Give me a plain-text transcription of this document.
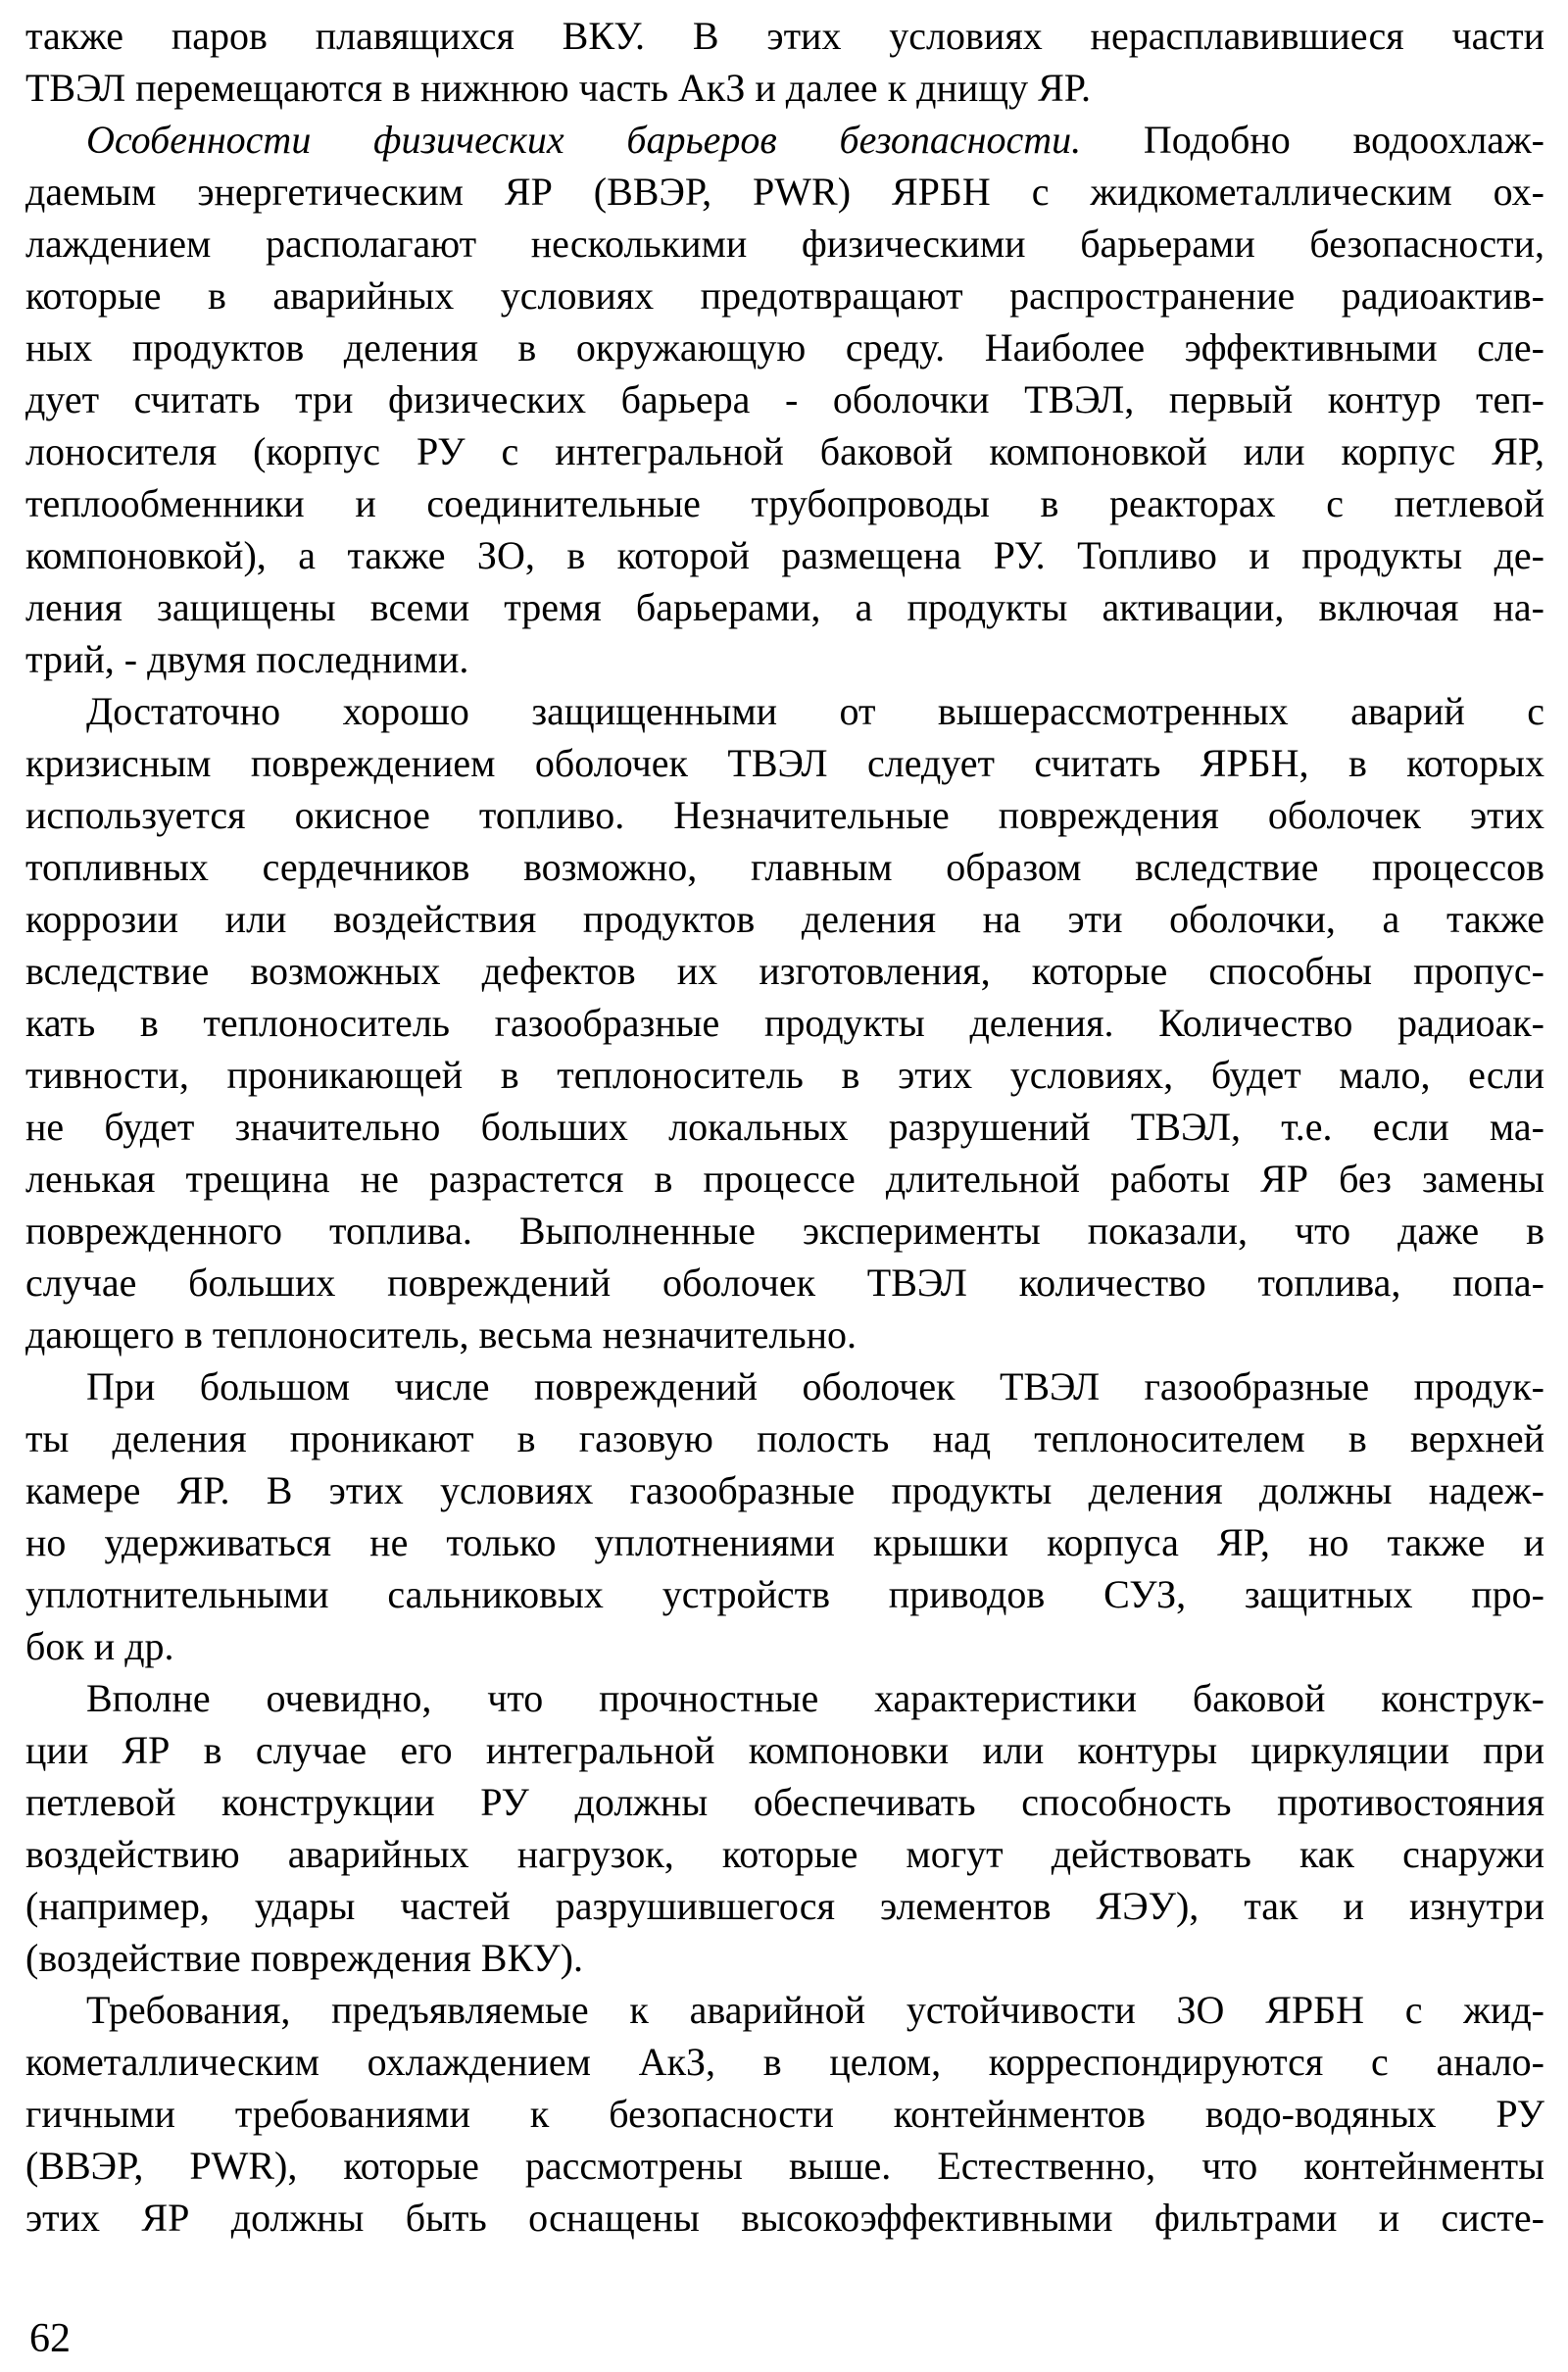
также паров плавящихся ВКУ. В этих условиях нерасплавившиеся части
ТВЭЛ перемещаются в нижнюю часть АкЗ и далее к днищу ЯР.
Особенности физических барьеров безопасности. Подобно водоохлаж-
даемым энергетическим ЯР (ВВЭР, PWR) ЯРБН с жидкометаллическим ох-
лаждением располагают несколькими физическими барьерами безопасности,
которые в аварийных условиях предотвращают распространение радиоактив-
ных продуктов деления в окружающую среду. Наиболее эффективными сле-
дует считать три физических барьера - оболочки ТВЭЛ, первый контур теп-
лоносителя (корпус РУ с интегральной баковой компоновкой или корпус ЯР,
теплообменники и соединительные трубопроводы в реакторах с петлевой
компоновкой), а также ЗО, в которой размещена РУ. Топливо и продукты де-
ления защищены всеми тремя барьерами, а продукты активации, включая на-
трий, - двумя последними.
Достаточно хорошо защищенными от вышерассмотренных аварий с
кризисным повреждением оболочек ТВЭЛ следует считать ЯРБН, в которых
используется окисное топливо. Незначительные повреждения оболочек этих
топливных сердечников возможно, главным образом вследствие процессов
коррозии или воздействия продуктов деления на эти оболочки, а также
вследствие возможных дефектов их изготовления, которые способны пропус-
кать в теплоноситель газообразные продукты деления. Количество радиоак-
тивности, проникающей в теплоноситель в этих условиях, будет мало, если
не будет значительно больших локальных разрушений ТВЭЛ, т.е. если ма-
ленькая трещина не разрастется в процессе длительной работы ЯР без замены
поврежденного топлива. Выполненные эксперименты показали, что даже в
случае больших повреждений оболочек ТВЭЛ количество топлива, попа-
дающего в теплоноситель, весьма незначительно.
При большом числе повреждений оболочек ТВЭЛ газообразные продук-
ты деления проникают в газовую полость над теплоносителем в верхней
камере ЯР. В этих условиях газообразные продукты деления должны надеж-
но удерживаться не только уплотнениями крышки корпуса ЯР, но также и
уплотнительными сальниковых устройств приводов СУЗ, защитных про-
бок и др.
Вполне очевидно, что прочностные характеристики баковой конструк-
ции ЯР в случае его интегральной компоновки или контуры циркуляции при
петлевой конструкции РУ должны обеспечивать способность противостояния
воздействию аварийных нагрузок, которые могут действовать как снаружи
(например, удары частей разрушившегося элементов ЯЭУ), так и изнутри
(воздействие повреждения ВКУ).
Требования, предъявляемые к аварийной устойчивости ЗО ЯРБН с жид-
кометаллическим охлаждением АкЗ, в целом, корреспондируются с анало-
гичными требованиями к безопасности контейнментов водо-водяных РУ
(ВВЭР, PWR), которые рассмотрены выше. Естественно, что контейнменты
этих ЯР должны быть оснащены высокоэффективными фильтрами и систе-
62
